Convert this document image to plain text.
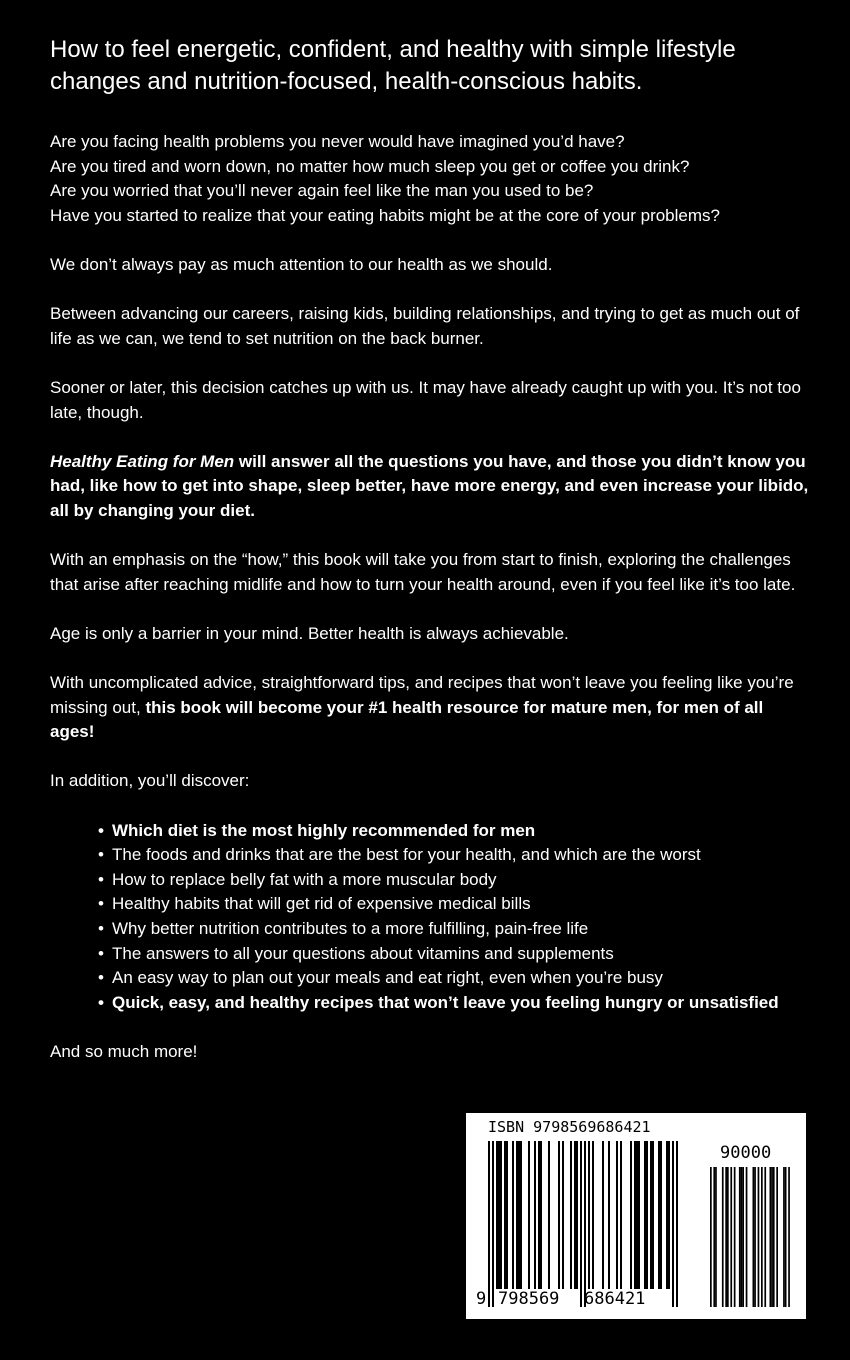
How to feel energetic, confident, and healthy with simple lifestyle changes and nutrition-focused, health-conscious habits.

Are you facing health problems you never would have imagined you’d have?
Are you tired and worn down, no matter how much sleep you get or coffee you drink?
Are you worried that you’ll never again feel like the man you used to be?
Have you started to realize that your eating habits might be at the core of your problems?

We don’t always pay as much attention to our health as we should.

Between advancing our careers, raising kids, building relationships, and trying to get as much out of life as we can, we tend to set nutrition on the back burner.

Sooner or later, this decision catches up with us. It may have already caught up with you. It’s not too late, though.

Healthy Eating for Men will answer all the questions you have, and those you didn’t know you had, like how to get into shape, sleep better, have more energy, and even increase your libido, all by changing your diet.

With an emphasis on the “how,” this book will take you from start to finish, exploring the challenges that arise after reaching midlife and how to turn your health around, even if you feel like it’s too late.

Age is only a barrier in your mind. Better health is always achievable.

With uncomplicated advice, straightforward tips, and recipes that won’t leave you feeling like you’re missing out, this book will become your #1 health resource for mature men, for men of all ages!

In addition, you’ll discover:

• Which diet is the most highly recommended for men
• The foods and drinks that are the best for your health, and which are the worst
• How to replace belly fat with a more muscular body
• Healthy habits that will get rid of expensive medical bills
• Why better nutrition contributes to a more fulfilling, pain-free life
• The answers to all your questions about vitamins and supplements
• An easy way to plan out your meals and eat right, even when you’re busy
• Quick, easy, and healthy recipes that won’t leave you feeling hungry or unsatisfied

And so much more!

ISBN 9798569686421
90000
9 798569 686421
